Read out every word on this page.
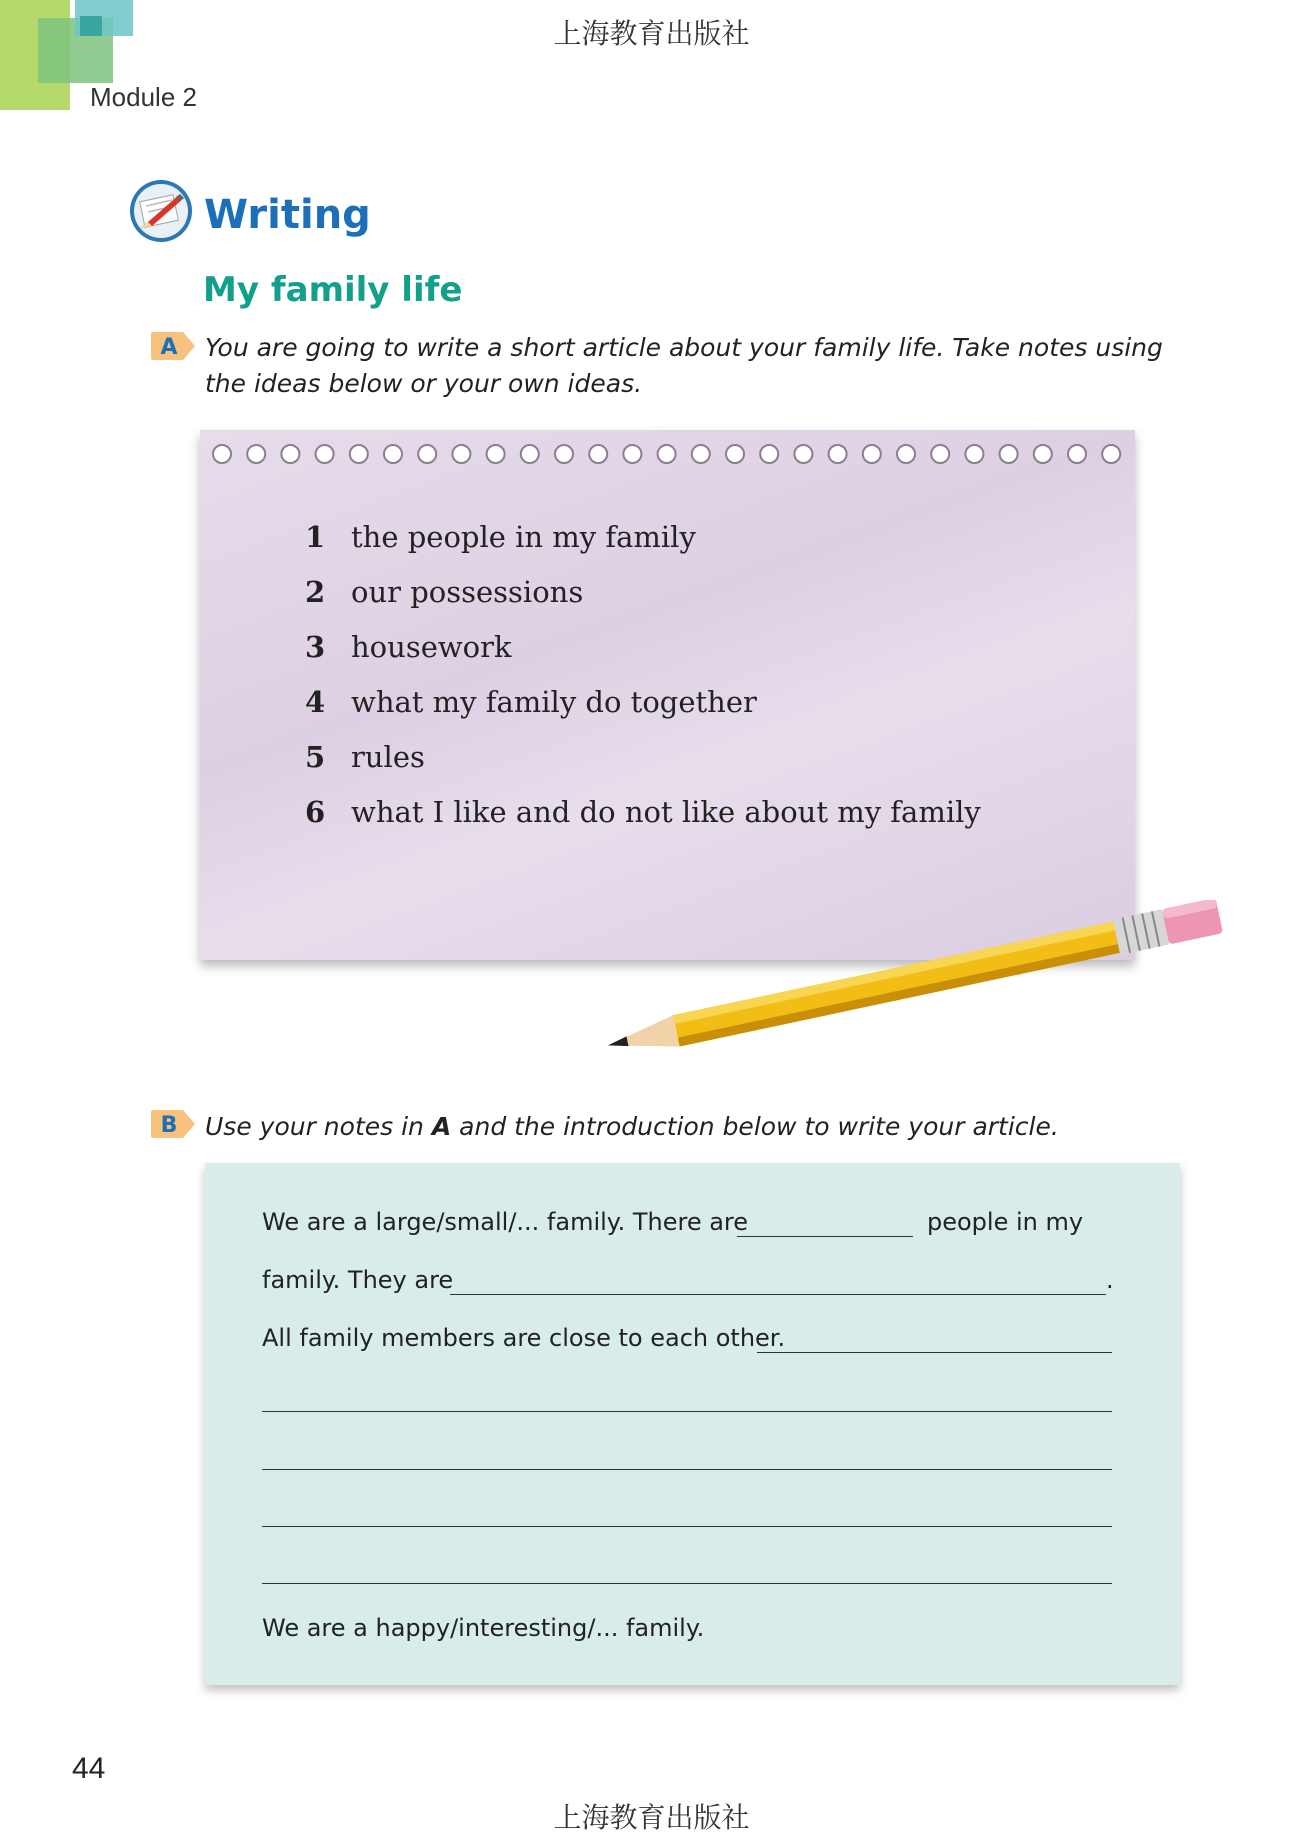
Module 2
上海教育出版社
Writing
My family life
A You are going to write a short article about your family life. Take notes using the ideas below or your own ideas.
1 the people in my family
2 our possessions
3 housework
4 what my family do together
5 rules
6 what I like and do not like about my family
B Use your notes in A and the introduction below to write your article.
We are a large/small/... family. There are	people in my
family. They are	.
All family members are close to each other.
We are a happy/interesting/... family.
44
上海教育出版社
